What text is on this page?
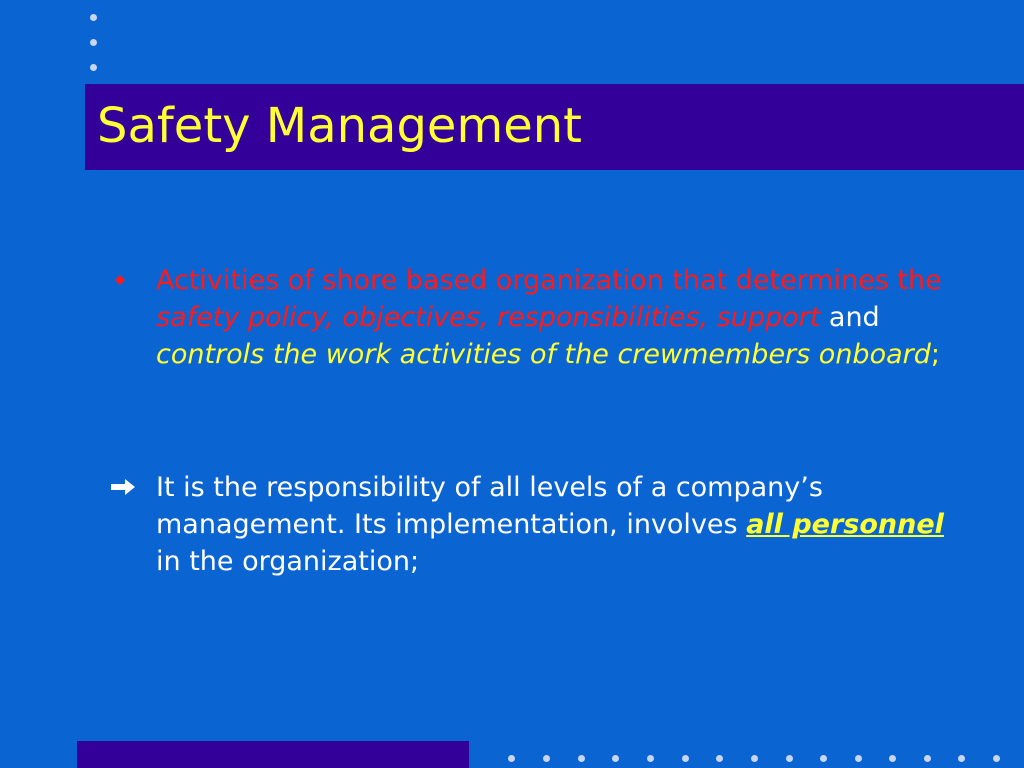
Safety Management
Activities of shore based organization that determines the safety policy, objectives, responsibilities, support and controls the work activities of the crewmembers onboard;
It is the responsibility of all levels of a company’s management. Its implementation, involves all personnel in the organization;
